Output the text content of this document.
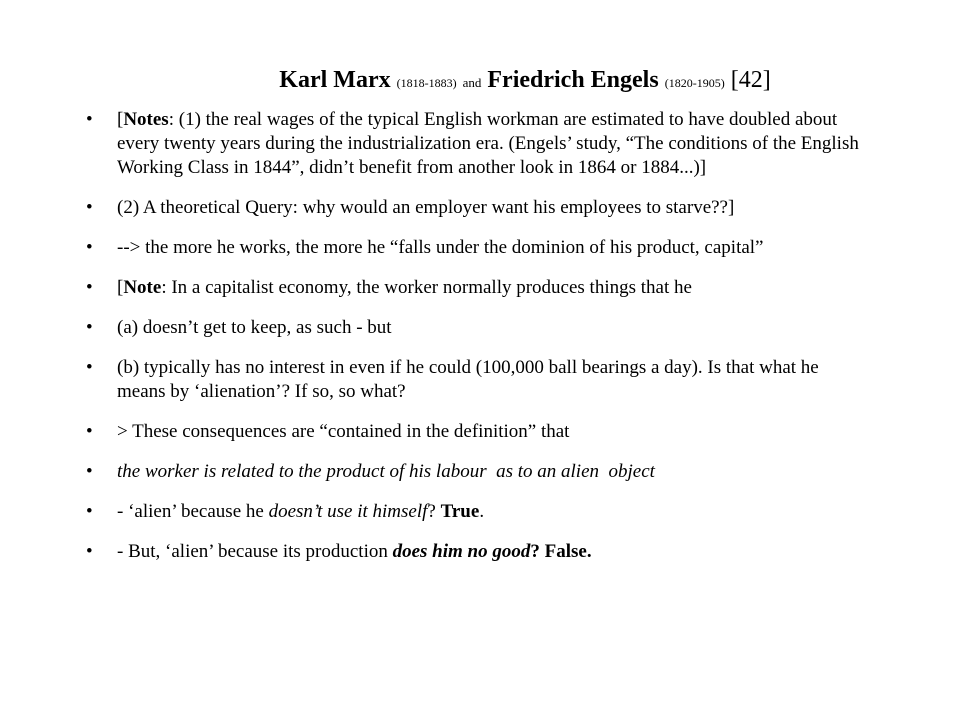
Karl Marx (1818-1883) and Friedrich Engels (1820-1905) [42]
• [Notes: (1) the real wages of the typical English workman are estimated to have doubled about every twenty years during the industrialization era. (Engels’ study, “The conditions of the English Working Class in 1844”, didn’t benefit from another look in 1864 or 1884...)]
• (2) A theoretical Query: why would an employer want his employees to starve??]
• --> the more he works, the more he “falls under the dominion of his product, capital”
• [Note: In a capitalist economy, the worker normally produces things that he
• (a) doesn’t get to keep, as such - but
• (b) typically has no interest in even if he could (100,000 ball bearings a day). Is that what he means by ‘alienation’? If so, so what?
• > These consequences are “contained in the definition” that
• the worker is related to the product of his labour  as to an alien  object
• - ‘alien’ because he doesn’t use it himself? True.
• - But, ‘alien’ because its production does him no good? False.
